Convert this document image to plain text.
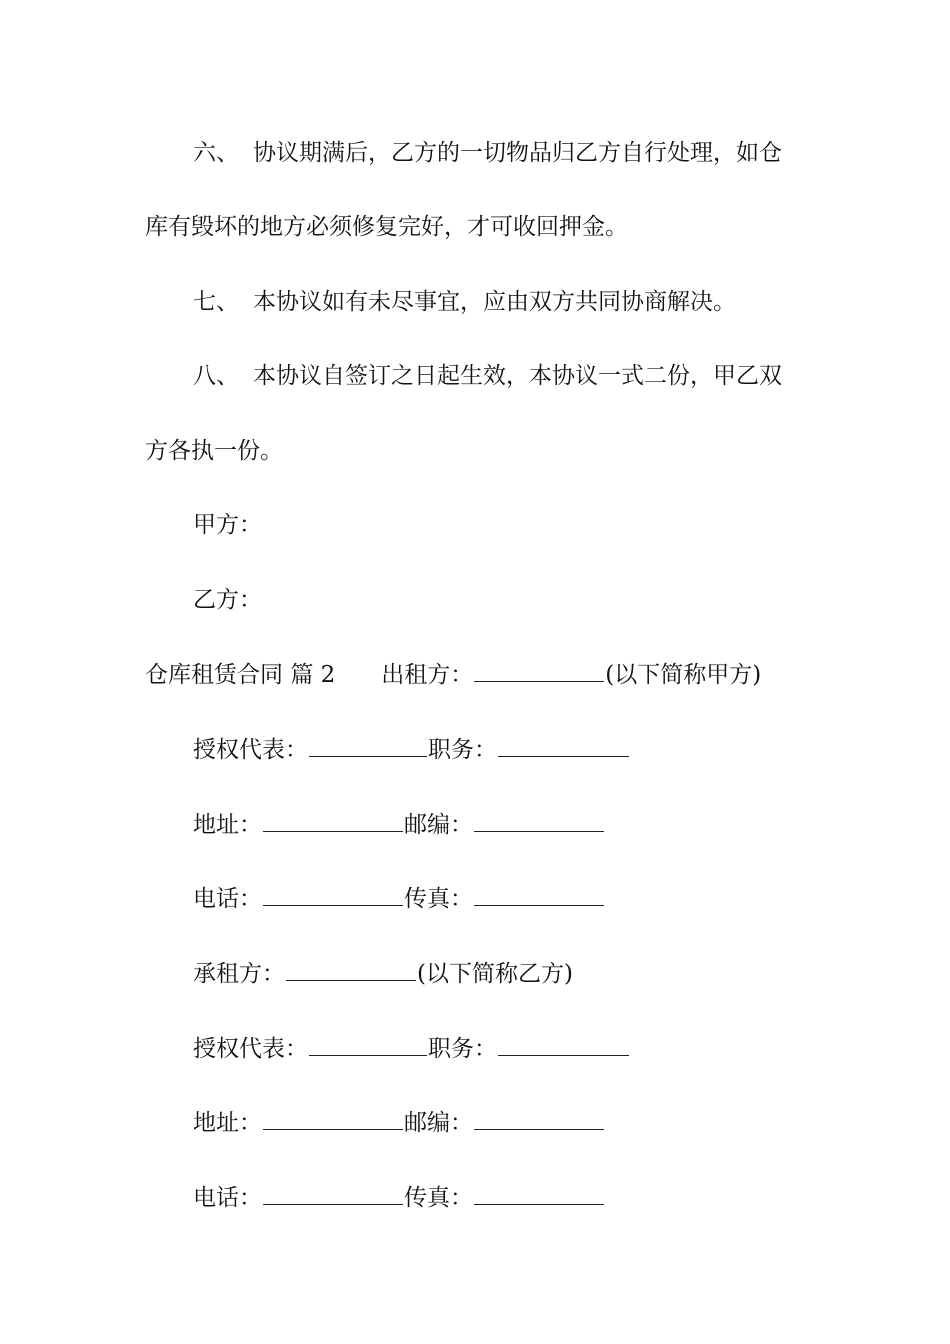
六、 协议期满后，乙方的一切物品归乙方自行处理，如仓
库有毁坏的地方必须修复完好，才可收回押金。
七、 本协议如有未尽事宜，应由双方共同协商解决。
八、 本协议自签订之日起生效，本协议一式二份，甲乙双
方各执一份。
甲方：
乙方：
仓库租赁合同 篇 2 出租方：	(以下简称甲方)
授权代表：	职务：
地址：	邮编：
电话：	传真：
承租方：	(以下简称乙方)
授权代表：	职务：
地址：	邮编：
电话：	传真：
